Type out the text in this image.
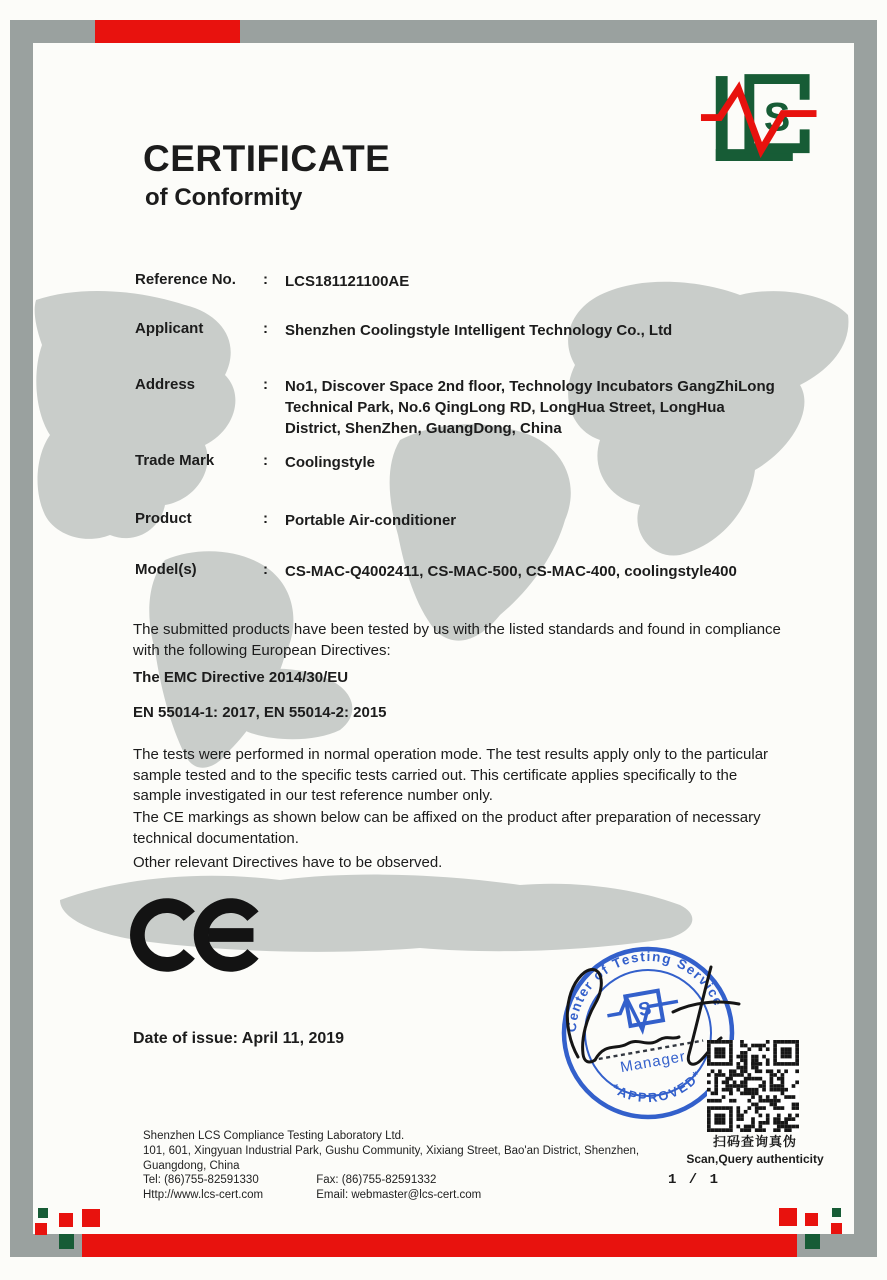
S
CERTIFICATE
of Conformity
Reference No.	:	LCS181121100AE
Applicant	:	Shenzhen Coolingstyle Intelligent Technology Co., Ltd
Address	:	No1, Discover Space 2nd floor, Technology Incubators GangZhiLong Technical Park, No.6 QingLong RD, LongHua Street, LongHua District, ShenZhen, GuangDong, China
Trade Mark	:	Coolingstyle
Product	:	Portable Air-conditioner
Model(s)	:	CS-MAC-Q4002411, CS-MAC-500, CS-MAC-400, coolingstyle400
The submitted products have been tested by us with the listed standards and found in compliance with the following European Directives:
The EMC Directive 2014/30/EU
EN 55014-1: 2017, EN 55014-2: 2015
The tests were performed in normal operation mode. The test results apply only to the particular sample tested and to the specific tests carried out. This certificate applies specifically to the sample investigated in our test reference number only.
The CE markings as shown below can be affixed on the product after preparation of necessary technical documentation.
Other relevant Directives have to be observed.
Date of issue: April 11, 2019
Center of Testing Service
*APPROVED*
S
Manager
扫码查询真伪
Scan,Query authenticity
Shenzhen LCS Compliance Testing Laboratory Ltd.
101, 601, Xingyuan Industrial Park, Gushu Community, Xixiang Street, Bao'an District, Shenzhen,
Guangdong, China
Tel: (86)755-82591330	Fax: (86)755-82591332
Http://www.lcs-cert.com	Email: webmaster@lcs-cert.com
1 / 1
